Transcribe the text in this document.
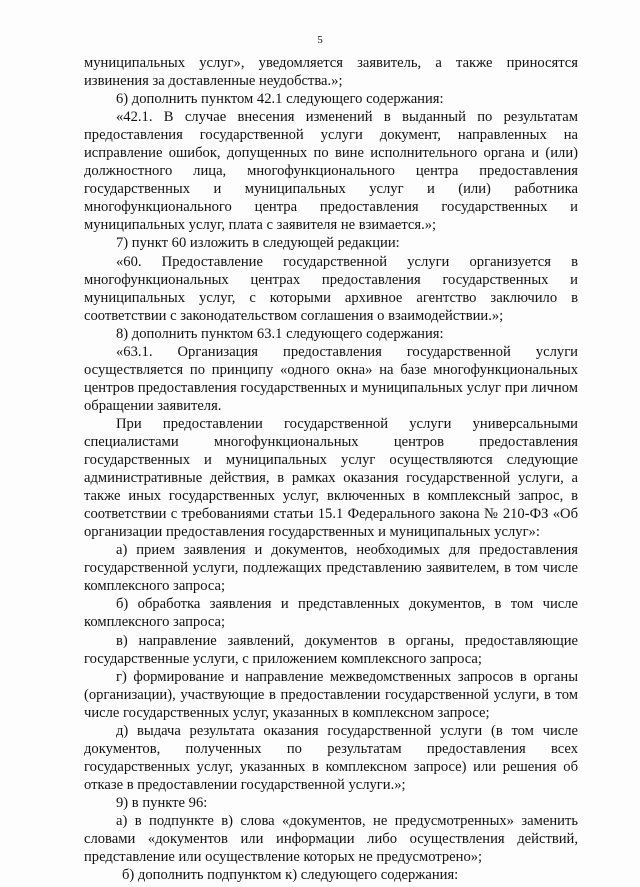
5

муниципальных услуг», уведомляется заявитель, а также приносятся извинения за доставленные неудобства.»;

6) дополнить пунктом 42.1 следующего содержания:

«42.1. В случае внесения изменений в выданный по результатам предоставления государственной услуги документ, направленных на исправление ошибок, допущенных по вине исполнительного органа и (или) должностного лица, многофункционального центра предоставления государственных и муниципальных услуг и (или) работника многофункционального центра предоставления государственных и муниципальных услуг, плата с заявителя не взимается.»;

7) пункт 60 изложить в следующей редакции:

«60. Предоставление государственной услуги организуется в многофункциональных центрах предоставления государственных и муниципальных услуг, с которыми архивное агентство заключило в соответствии с законодательством соглашения о взаимодействии.»;

8) дополнить пунктом 63.1 следующего содержания:

«63.1. Организация предоставления государственной услуги осуществляется по принципу «одного окна» на базе многофункциональных центров предоставления государственных и муниципальных услуг при личном обращении заявителя.

При предоставлении государственной услуги универсальными специалистами многофункциональных центров предоставления государственных и муниципальных услуг осуществляются следующие административные действия, в рамках оказания государственной услуги, а также иных государственных услуг, включенных в комплексный запрос, в соответствии с требованиями статьи 15.1 Федерального закона № 210-ФЗ «Об организации предоставления государственных и муниципальных услуг»:

а) прием заявления и документов, необходимых для предоставления государственной услуги, подлежащих представлению заявителем, в том числе комплексного запроса;

б) обработка заявления и представленных документов, в том числе комплексного запроса;

в) направление заявлений, документов в органы, предоставляющие государственные услуги, с приложением комплексного запроса;

г) формирование и направление межведомственных запросов в органы (организации), участвующие в предоставлении государственной услуги, в том числе государственных услуг, указанных в комплексном запросе;

д) выдача результата оказания государственной услуги (в том числе документов, полученных по результатам предоставления всех государственных услуг, указанных в комплексном запросе) или решения об отказе в предоставлении государственной услуги.»;

9) в пункте 96:

а) в подпункте в) слова «документов, не предусмотренных» заменить словами «документов или информации либо осуществления действий, представление или осуществление которых не предусмотрено»;

б) дополнить подпунктом к) следующего содержания:
